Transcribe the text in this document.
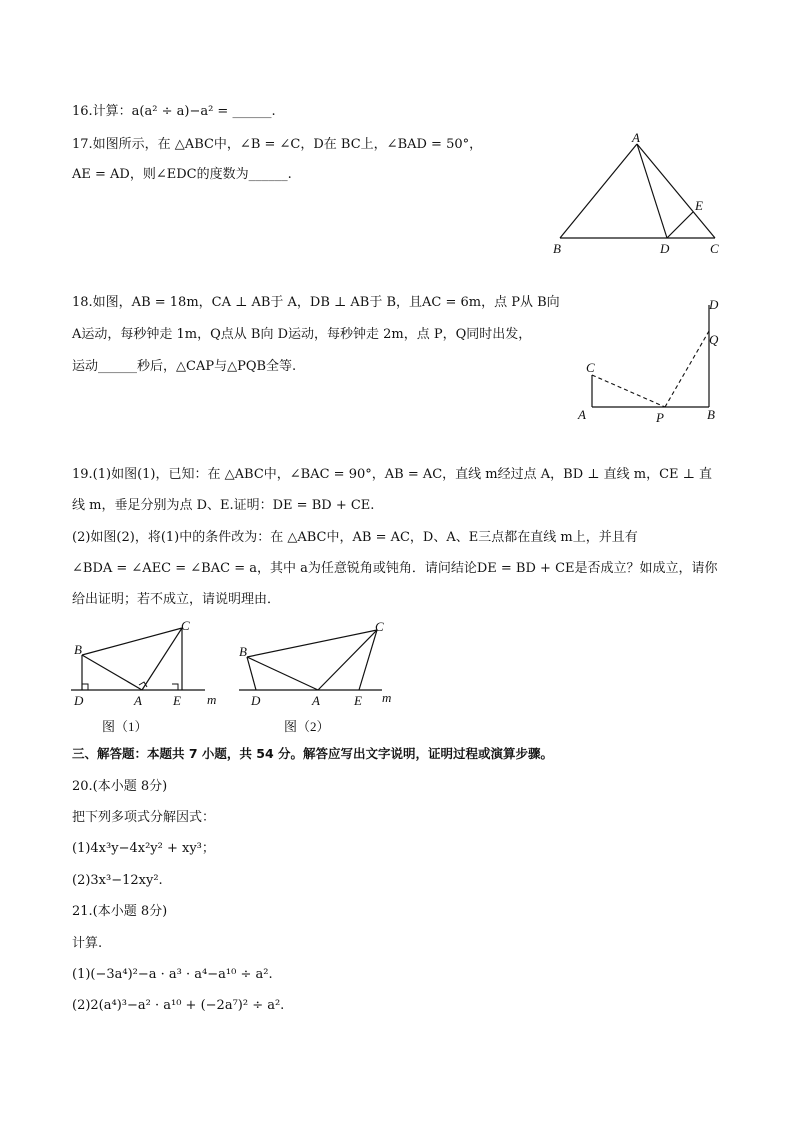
16.计算：a(a² ÷ a)−a² = ______.
17.如图所示，在 △ABC中，∠B = ∠C，D在 BC上，∠BAD = 50°，
AE = AD，则∠EDC的度数为______.
A
B	C
D
E
18.如图，AB = 18m，CA ⊥ AB于 A，DB ⊥ AB于 B，且AC = 6m，点 P从 B向
A运动，每秒钟走 1m，Q点从 B向 D运动，每秒钟走 2m，点 P，Q同时出发，
运动______秒后，△CAP与△PQB全等.
A	B
C
D
P
Q
19.(1)如图(1)，已知：在 △ABC中，∠BAC = 90°，AB = AC，直线 m经过点 A，BD ⊥ 直线 m，CE ⊥ 直
线 m，垂足分别为点 D、E.证明：DE = BD + CE.
(2)如图(2)，将(1)中的条件改为：在 △ABC中，AB = AC，D、A、E三点都在直线 m上，并且有
∠BDA = ∠AEC = ∠BAC = a，其中 a为任意锐角或钝角．请问结论DE = BD + CE是否成立？如成立，请你
给出证明；若不成立，请说明理由．
B
C
D	A E m
图（1）
B
C
D	A	E m
图（2）
三、解答题：本题共 7 小题，共 54 分。解答应写出文字说明，证明过程或演算步骤。
20.(本小题 8分)
把下列多项式分解因式：
(1)4x³y−4x²y² + xy³；
(2)3x³−12xy².
21.(本小题 8分)
计算.
(1)(−3a⁴)²−a · a³ · a⁴−a¹⁰ ÷ a².
(2)2(a⁴)³−a² · a¹⁰ + (−2a⁷)² ÷ a².
